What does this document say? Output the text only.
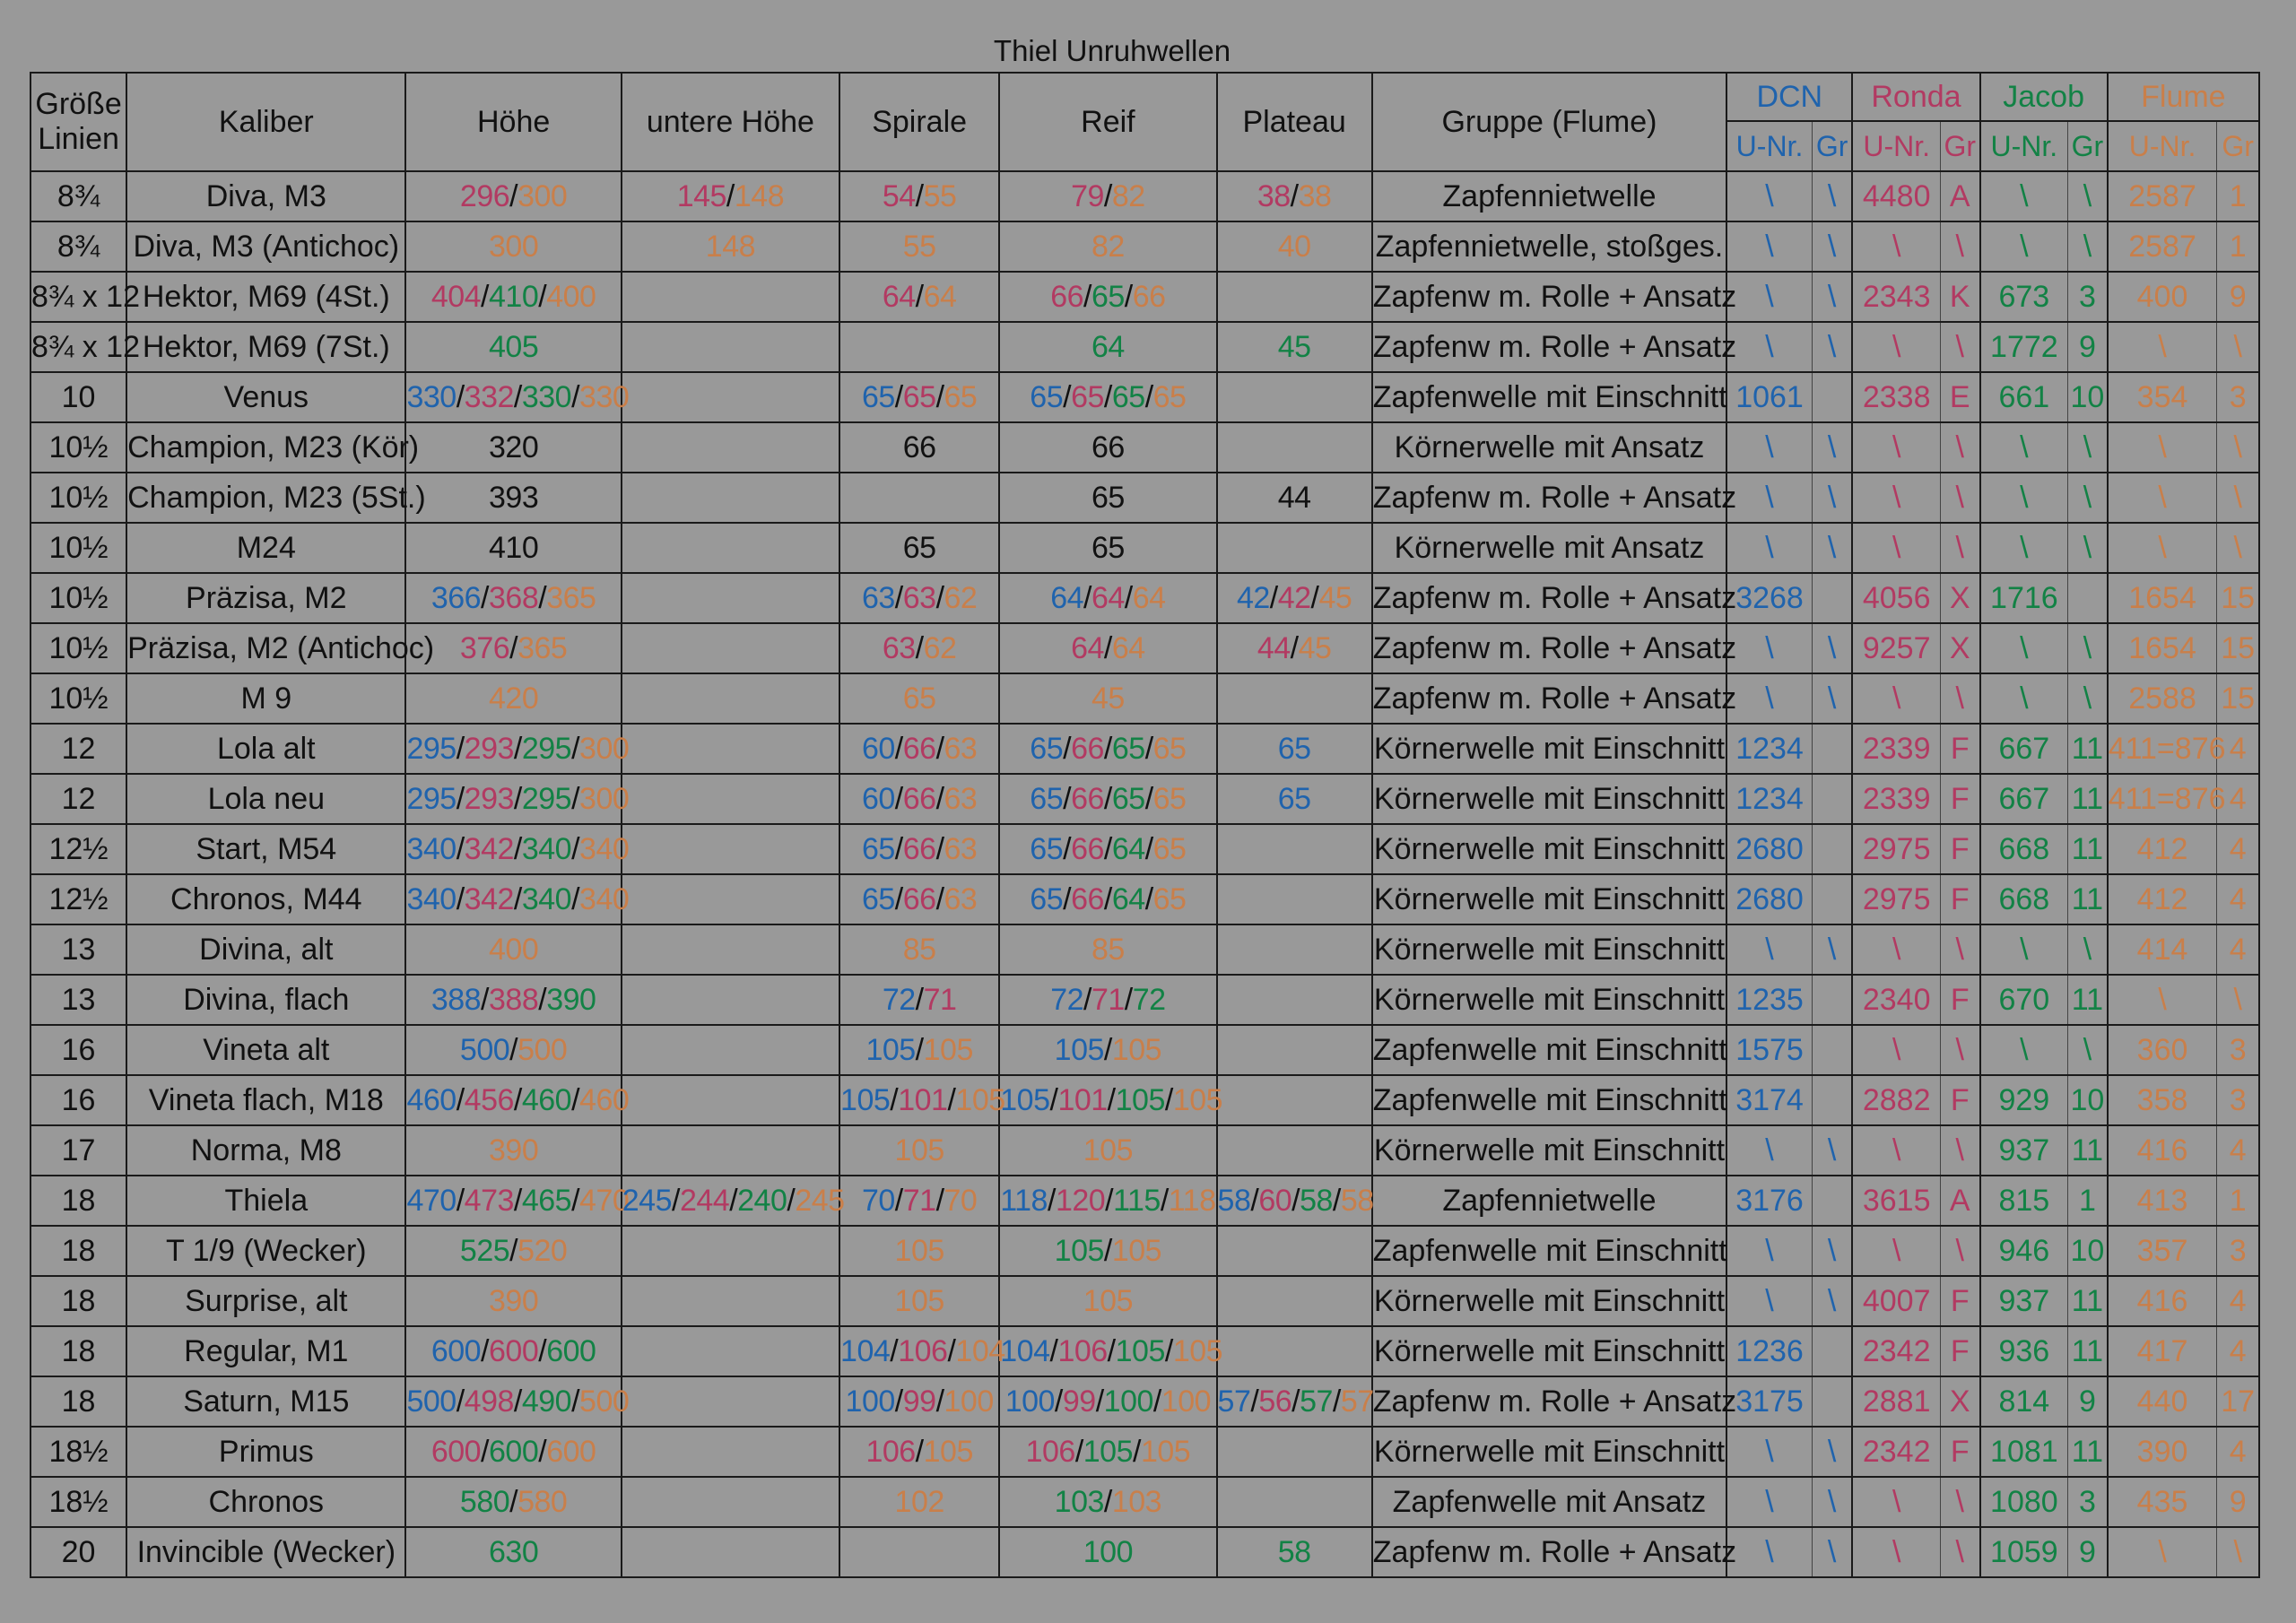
Thiel Unruhwellen
Größe
Linien	Kaliber	Höhe	untere Höhe	Spirale	Reif	Plateau	Gruppe (Flume)	DCN		Ronda		Jacob		Flume	
								U-Nr.	Gr	U-Nr.	Gr	U-Nr.	Gr	U-Nr.	Gr
8¾	Diva, M3	296/300	145/148	54/55	79/82	38/38	Zapfennietwelle	\	\	4480	A	\	\	2587	1
8¾	Diva, M3 (Antichoc)	300	148	55	82	40	Zapfennietwelle, stoßges.	\	\	\	\	\	\	2587	1
8¾ x 12	Hektor, M69 (4St.)	404/410/400		64/64	66/65/66		Zapfenw m. Rolle + Ansatz	\	\	2343	K	673	3	400	9
8¾ x 12	Hektor, M69 (7St.)	405			64	45	Zapfenw m. Rolle + Ansatz	\	\	\	\	1772	9	\	\
10	Venus	330/332/330/330		65/65/65	65/65/65/65		Zapfenwelle mit Einschnitt	1061		2338	E	661	10	354	3
10½	Champion, M23 (Kör)	320		66	66		Körnerwelle mit Ansatz	\	\	\	\	\	\	\	\
10½	Champion, M23 (5St.)	393			65	44	Zapfenw m. Rolle + Ansatz	\	\	\	\	\	\	\	\
10½	M24	410		65	65		Körnerwelle mit Ansatz	\	\	\	\	\	\	\	\
10½	Präzisa, M2	366/368/365		63/63/62	64/64/64	42/42/45	Zapfenw m. Rolle + Ansatz	3268		4056	X	1716		1654	15
10½	Präzisa, M2 (Antichoc)	376/365		63/62	64/64	44/45	Zapfenw m. Rolle + Ansatz	\	\	9257	X	\	\	1654	15
10½	M 9	420		65	45		Zapfenw m. Rolle + Ansatz	\	\	\	\	\	\	2588	15
12	Lola alt	295/293/295/300		60/66/63	65/66/65/65	65	Körnerwelle mit Einschnitt	1234		2339	F	667	11	411=876	4
12	Lola neu	295/293/295/300		60/66/63	65/66/65/65	65	Körnerwelle mit Einschnitt	1234		2339	F	667	11	411=876	4
12½	Start, M54	340/342/340/340		65/66/63	65/66/64/65		Körnerwelle mit Einschnitt	2680		2975	F	668	11	412	4
12½	Chronos, M44	340/342/340/340		65/66/63	65/66/64/65		Körnerwelle mit Einschnitt	2680		2975	F	668	11	412	4
13	Divina, alt	400		85	85		Körnerwelle mit Einschnitt	\	\	\	\	\	\	414	4
13	Divina, flach	388/388/390		72/71	72/71/72		Körnerwelle mit Einschnitt	1235		2340	F	670	11	\	\
16	Vineta alt	500/500		105/105	105/105		Zapfenwelle mit Einschnitt	1575		\	\	\	\	360	3
16	Vineta flach, M18	460/456/460/460		105/101/105	105/101/105/105		Zapfenwelle mit Einschnitt	3174		2882	F	929	10	358	3
17	Norma, M8	390		105	105		Körnerwelle mit Einschnitt	\	\	\	\	937	11	416	4
18	Thiela	470/473/465/470	245/244/240/245	70/71/70	118/120/115/118	58/60/58/58	Zapfennietwelle	3176		3615	A	815	1	413	1
18	T 1/9 (Wecker)	525/520		105	105/105		Zapfenwelle mit Einschnitt	\	\	\	\	946	10	357	3
18	Surprise, alt	390		105	105		Körnerwelle mit Einschnitt	\	\	4007	F	937	11	416	4
18	Regular, M1	600/600/600		104/106/104	104/106/105/105		Körnerwelle mit Einschnitt	1236		2342	F	936	11	417	4
18	Saturn, M15	500/498/490/500		100/99/100	100/99/100/100	57/56/57/57	Zapfenw m. Rolle + Ansatz	3175		2881	X	814	9	440	17
18½	Primus	600/600/600		106/105	106/105/105		Körnerwelle mit Einschnitt	\	\	2342	F	1081	11	390	4
18½	Chronos	580/580		102	103/103		Zapfenwelle mit Ansatz	\	\	\	\	1080	3	435	9
20	Invincible (Wecker)	630			100	58	Zapfenw m. Rolle + Ansatz	\	\	\	\	1059	9	\	\
